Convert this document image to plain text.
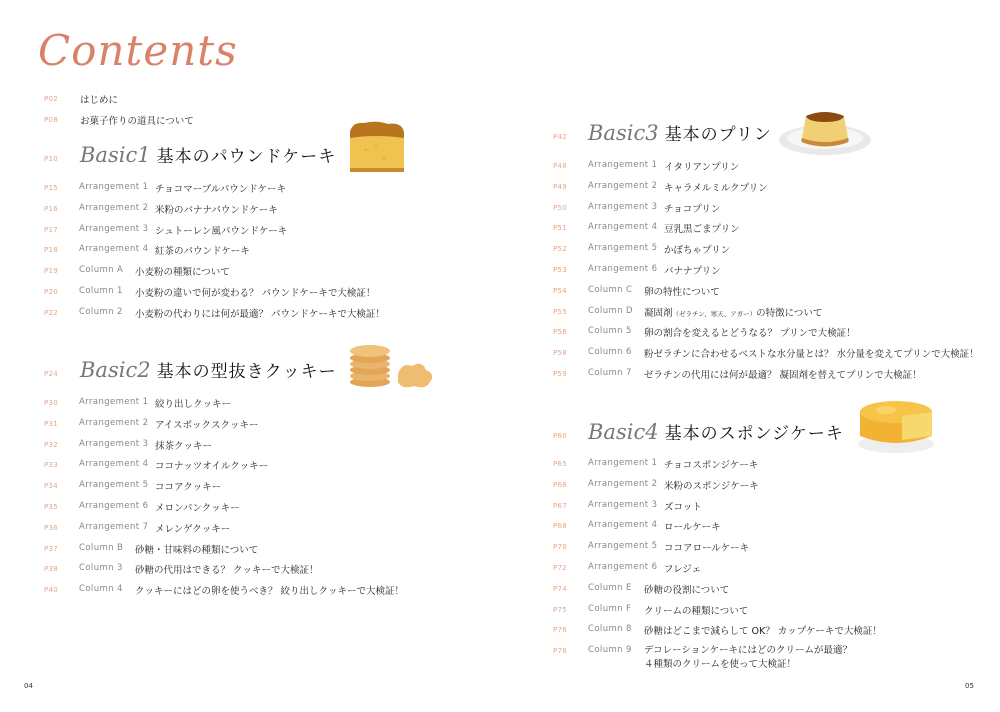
Contents
P02 はじめに
P08 お菓子作りの道具について
P10 Basic1 基本のパウンドケーキ
P24 Basic2 基本の型抜きクッキー
P42 Basic3 基本のプリン
P60 Basic4 基本のスポンジケーキ
P15 Arrangement 1 チョコマーブルパウンドケーキ
P16 Arrangement 2 米粉のバナナパウンドケーキ
P17 Arrangement 3 シュトーレン風パウンドケーキ
P18 Arrangement 4 紅茶のパウンドケーキ
P19 Column A 小麦粉の種類について
P20 Column 1 小麦粉の違いで何が変わる？ パウンドケーキで大検証！
P22 Column 2 小麦粉の代わりには何が最適？ パウンドケーキで大検証！
P30 Arrangement 1 絞り出しクッキー
P31 Arrangement 2 アイスボックスクッキー
P32 Arrangement 3 抹茶クッキー
P33 Arrangement 4 ココナッツオイルクッキー
P34 Arrangement 5 ココアクッキー
P35 Arrangement 6 メロンパンクッキー
P36 Arrangement 7 メレンゲクッキー
P37 Column B 砂糖・甘味料の種類について
P38 Column 3 砂糖の代用はできる？ クッキーで大検証！
P40 Column 4 クッキーにはどの卵を使うべき？ 絞り出しクッキーで大検証！
P48 Arrangement 1 イタリアンプリン
P49 Arrangement 2 キャラメルミルクプリン
P50 Arrangement 3 チョコプリン
P51 Arrangement 4 豆乳黒ごまプリン
P52 Arrangement 5 かぼちゃプリン
P53 Arrangement 6 バナナプリン
P54 Column C 卵の特性について
P55 Column D 凝固剤（ゼラチン、寒天、アガー）の特徴について
P56 Column 5 卵の割合を変えるとどうなる？ プリンで大検証！
P58 Column 6 粉ゼラチンに合わせるベストな水分量とは？ 水分量を変えてプリンで大検証！
P59 Column 7 ゼラチンの代用には何が最適？ 凝固剤を替えてプリンで大検証！
P65 Arrangement 1 チョコスポンジケーキ
P66 Arrangement 2 米粉のスポンジケーキ
P67 Arrangement 3 ズコット
P68 Arrangement 4 ロールケーキ
P70 Arrangement 5 ココアロールケーキ
P72 Arrangement 6 フレジェ
P74 Column E 砂糖の役割について
P75 Column F クリームの種類について
P76 Column 8 砂糖はどこまで減らして OK？ カップケーキで大検証！
P78 Column 9 デコレーションケーキにはどのクリームが最適？
４種類のクリームを使って大検証！
04	05
